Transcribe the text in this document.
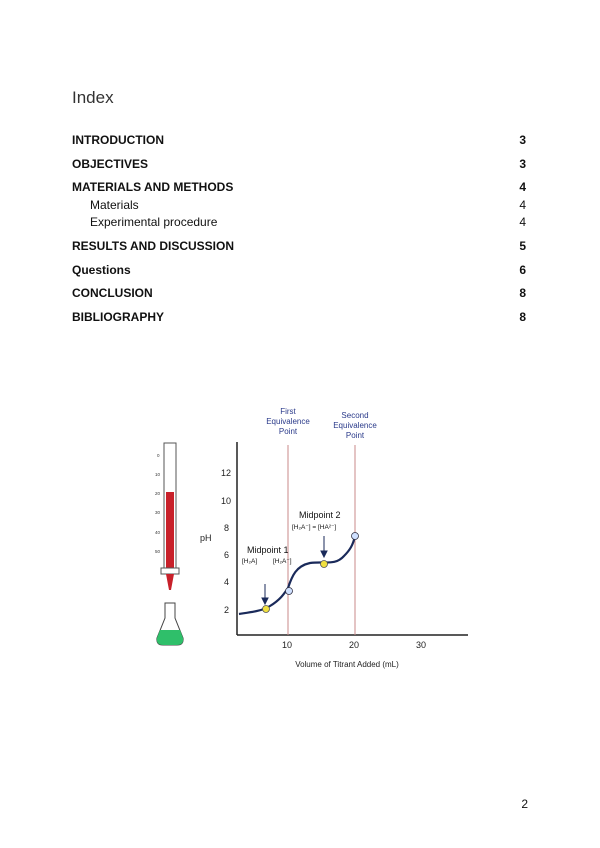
Index
INTRODUCTION	3
OBJECTIVES	3
MATERIALS AND METHODS	4
Materials	4
Experimental procedure	4
RESULTS AND DISCUSSION	5
Questions	6
CONCLUSION	8
BIBLIOGRAPHY	8
0
10
20
30
40
50
First
Equivalence
Point
Second
Equivalence
Point
2
4
6
8
10
12
10	20	30
pH
Volume of Titrant Added (mL)
Midpoint 1
[H₂A] [H₂A⁻]
Midpoint 2
[H₂A⁻] = [HA²⁻]
2
